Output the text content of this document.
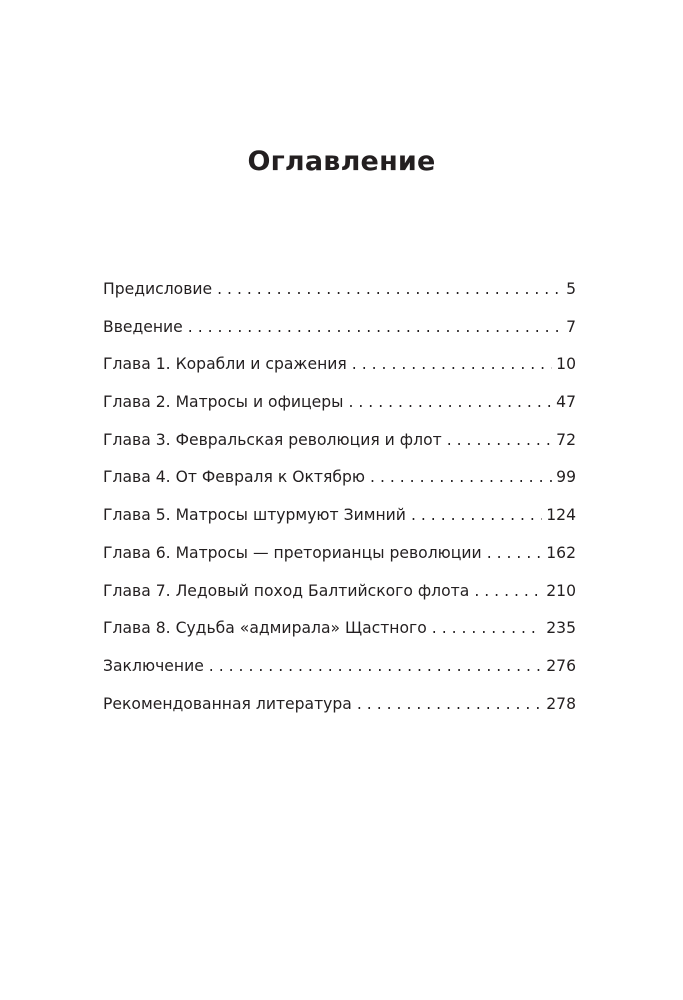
Оглавление
Предисловие . . .	5
Введение . . .	7
Глава 1. Корабли и сражения . . .	10
Глава 2. Матросы и офицеры . . .	47
Глава 3. Февральская революция и флот . . .	72
Глава 4. От Февраля к Октябрю . . .	99
Глава 5. Матросы штурмуют Зимний . . .	124
Глава 6. Матросы — преторианцы революции . . .	162
Глава 7. Ледовый поход Балтийского флота . . .	210
Глава 8. Судьба «адмирала» Щастного . . .	235
Заключение . . .	276
Рекомендованная литература . . .	278
